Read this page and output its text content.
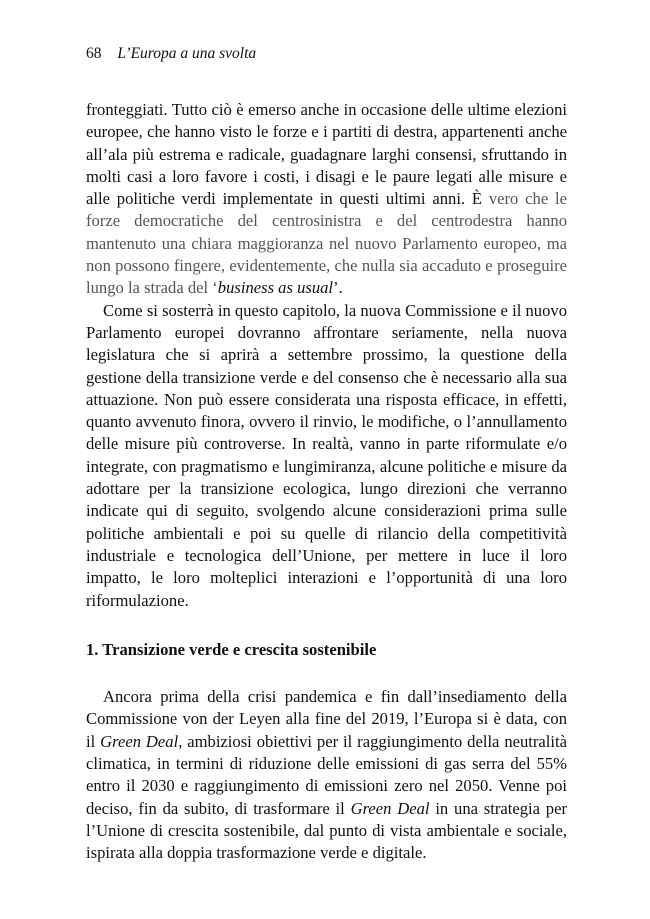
68 L’Europa a una svolta

fronteggiati. Tutto ciò è emerso anche in occasione delle ultime elezioni europee, che hanno visto le forze e i partiti di destra, appartenenti anche all’ala più estrema e radicale, guadagnare larghi consensi, sfruttando in molti casi a loro favore i costi, i disagi e le paure legati alle misure e alle politiche verdi implementate in questi ultimi anni. È vero che le forze democratiche del centrosinistra e del centrodestra hanno mantenuto una chiara maggioranza nel nuovo Parlamento europeo, ma non possono fingere, evidentemente, che nulla sia accaduto e proseguire lungo la strada del ‘business as usual’.

Come si sosterrà in questo capitolo, la nuova Commissione e il nuovo Parlamento europei dovranno affrontare seriamente, nella nuova legislatura che si aprirà a settembre prossimo, la questione della gestione della transizione verde e del consenso che è necessario alla sua attuazione. Non può essere considerata una risposta efficace, in effetti, quanto avvenuto finora, ovvero il rinvio, le modifiche, o l’annullamento delle misure più controverse. In realtà, vanno in parte riformulate e/o integrate, con pragmatismo e lungimiranza, alcune politiche e misure da adottare per la transizione ecologica, lungo direzioni che verranno indicate qui di seguito, svolgendo alcune considerazioni prima sulle politiche ambientali e poi su quelle di rilancio della competitività industriale e tecnologica dell’Unione, per mettere in luce il loro impatto, le loro molteplici interazioni e l’opportunità di una loro riformulazione.

1. Transizione verde e crescita sostenibile

Ancora prima della crisi pandemica e fin dall’insediamento della Commissione von der Leyen alla fine del 2019, l’Europa si è data, con il Green Deal, ambiziosi obiettivi per il raggiungimento della neutralità climatica, in termini di riduzione delle emissioni di gas serra del 55% entro il 2030 e raggiungimento di emissioni zero nel 2050. Venne poi deciso, fin da subito, di trasformare il Green Deal in una strategia per l’Unione di crescita sostenibile, dal punto di vista ambientale e sociale, ispirata alla doppia trasformazione verde e digitale.
